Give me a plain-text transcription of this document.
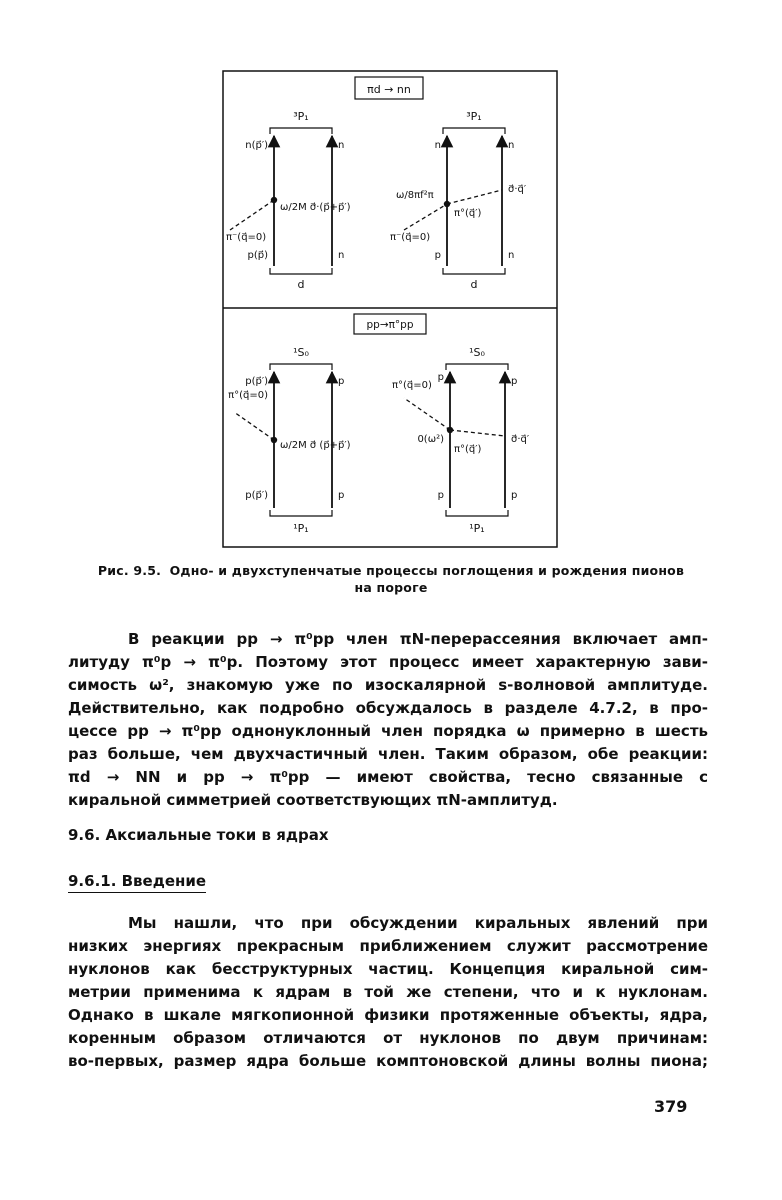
πd → nn
³P₁
n(p⃗′)	n
ω/2M σ⃗·(p⃗+p⃗′)
π⁻(q⃗=0)
p(p⃗)	n
d
³P₁
n	n
ω/8πf²π
π°(q⃗′)
σ⃗·q⃗′
π⁻(q⃗=0)
p	n
d
pp→π°pp
¹S₀
p(p⃗′)
π°(q⃗=0)
p
ω/2M σ⃗ (p⃗+p⃗′)
p(p⃗′)	p
¹P₁
¹S₀
π°(q⃗=0)
p	p
0(ω²)
π°(q⃗′)
σ⃗·q⃗′
p	p
¹P₁
Рис. 9.5. Одно- и двухступенчатые процессы поглощения и рождения пионов на пороге
В реакции pp → π⁰pp член πN-перерассеяния включает амп-
литуду π⁰p → π⁰p. Поэтому этот процесс имеет характерную зави-
симость ω², знакомую уже по изоскалярной s-волновой амплитуде.
Действительно, как подробно обсуждалось в разделе 4.7.2, в про-
цессе pp → π⁰pp однонуклонный член порядка ω примерно в шесть
раз больше, чем двухчастичный член. Таким образом, обе реакции:
πd → NN и pp → π⁰pp — имеют свойства, тесно связанные с
киральной симметрией соответствующих πN-амплитуд.
9.6. Аксиальные токи в ядрах
9.6.1. Введение
Мы нашли, что при обсуждении киральных явлений при
низких энергиях прекрасным приближением служит рассмотрение
нуклонов как бесструктурных частиц. Концепция киральной сим-
метрии применима к ядрам в той же степени, что и к нуклонам.
Однако в шкале мягкопионной физики протяженные объекты, ядра,
коренным образом отличаются от нуклонов по двум причинам:
во-первых, размер ядра больше комптоновской длины волны пиона;
379
